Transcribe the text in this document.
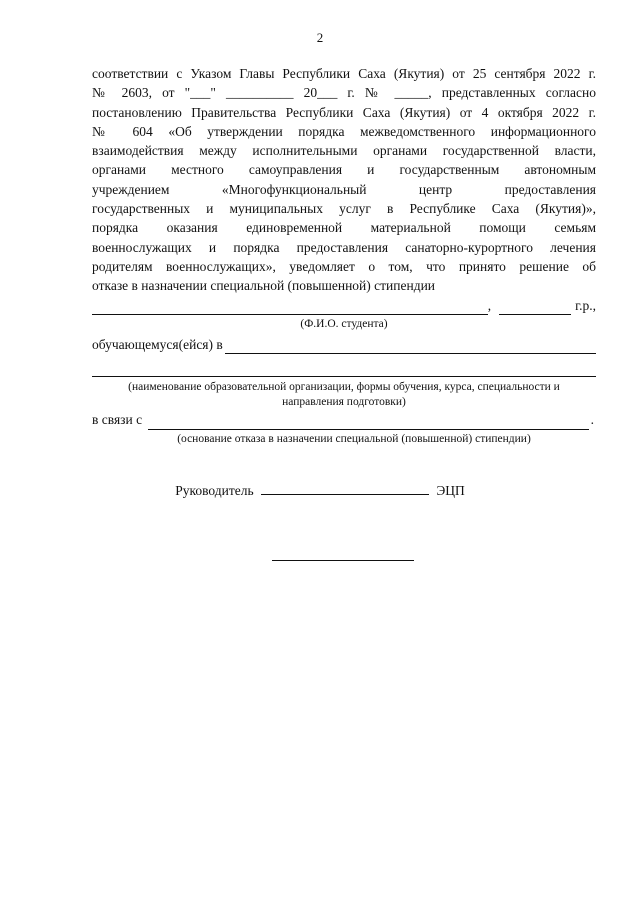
2
соответствии с Указом Главы Республики Саха (Якутия) от 25 сентября 2022 г.
№ 2603, от "___" __________ 20___ г. № _____, представленных согласно
постановлению Правительства Республики Саха (Якутия) от 4 октября 2022 г.
№ 604 «Об утверждении порядка межведомственного информационного
взаимодействия между исполнительными органами государственной власти,
органами местного самоуправления и государственным автономным
учреждением «Многофункциональный центр предоставления
государственных и муниципальных услуг в Республике Саха (Якутия)»,
порядка оказания единовременной материальной помощи семьям
военнослужащих и порядка предоставления санаторно-курортного лечения
родителям военнослужащих», уведомляет о том, что принято решение об
отказе в назначении специальной (повышенной) стипендии
,	г.р.,
(Ф.И.О. студента)
обучающемуся(ейся) в
(наименование образовательной организации, формы обучения, курса, специальности и
направления подготовки)
в связи с	.
(основание отказа в назначении специальной (повышенной) стипендии)
Руководитель	ЭЦП
